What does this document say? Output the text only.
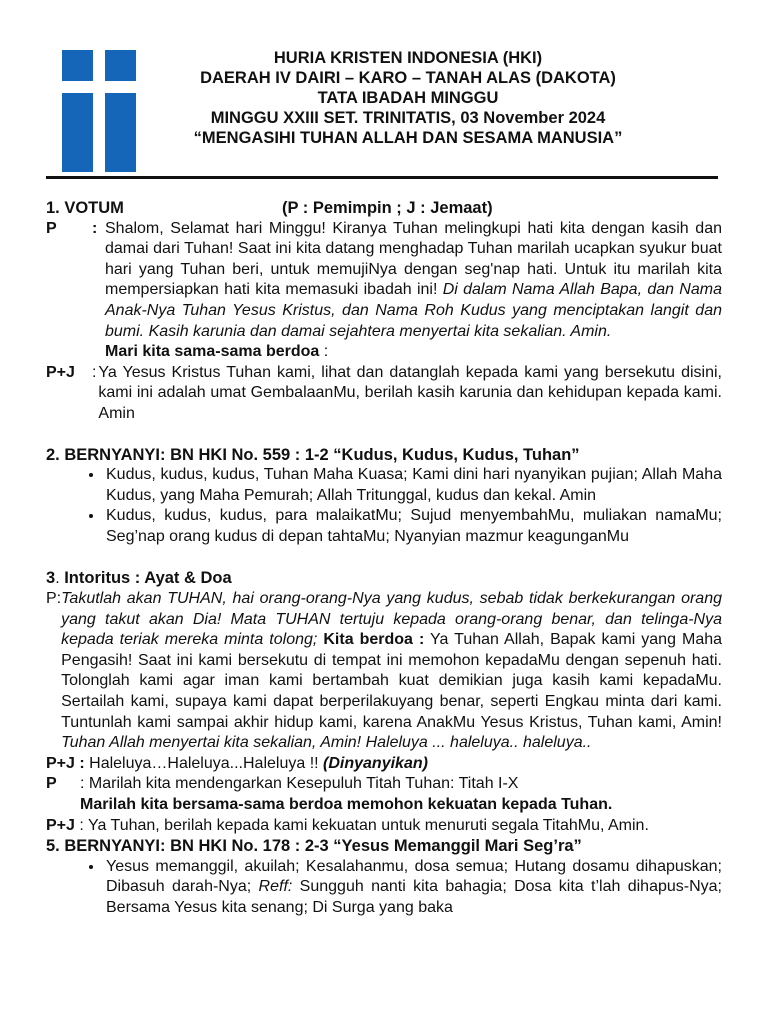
HURIA KRISTEN INDONESIA (HKI)
DAERAH IV DAIRI – KARO – TANAH ALAS (DAKOTA)
TATA IBADAH MINGGU
MINGGU XXIII SET. TRINITATIS, 03 November 2024
“MENGASIHI TUHAN ALLAH DAN SESAMA MANUSIA”
1. VOTUM	(P : Pemimpin ; J : Jemaat)
P	: Shalom, Selamat hari Minggu! Kiranya Tuhan melingkupi hati kita dengan kasih dan damai dari Tuhan! Saat ini kita datang menghadap Tuhan marilah ucapkan syukur buat hari yang Tuhan beri, untuk memujiNya dengan seg'nap hati. Untuk itu marilah kita mempersiapkan hati kita memasuki ibadah ini! Di dalam Nama Allah Bapa, dan Nama Anak-Nya Tuhan Yesus Kristus, dan Nama Roh Kudus yang menciptakan langit dan bumi. Kasih karunia dan damai sejahtera menyertai kita sekalian. Amin.
Mari kita sama-sama berdoa :
P+J	: Ya Yesus Kristus Tuhan kami, lihat dan datanglah kepada kami yang bersekutu disini, kami ini adalah umat GembalaanMu, berilah kasih karunia dan kehidupan kepada kami. Amin
2. BERNYANYI: BN HKI No. 559 : 1-2 “Kudus, Kudus, Kudus, Tuhan”
• Kudus, kudus, kudus, Tuhan Maha Kuasa; Kami dini hari nyanyikan pujian; Allah Maha Kudus, yang Maha Pemurah; Allah Tritunggal, kudus dan kekal. Amin
• Kudus, kudus, kudus, para malaikatMu; Sujud menyembahMu, muliakan namaMu; Seg’nap orang kudus di depan tahtaMu; Nyanyian mazmur keagunganMu
3. Intoritus : Ayat & Doa
P : Takutlah akan TUHAN, hai orang-orang-Nya yang kudus, sebab tidak berkekurangan orang yang takut akan Dia! Mata TUHAN tertuju kepada orang-orang benar, dan telinga-Nya kepada teriak mereka minta tolong; Kita berdoa : Ya Tuhan Allah, Bapak kami yang Maha Pengasih! Saat ini kami bersekutu di tempat ini memohon kepadaMu dengan sepenuh hati. Tolonglah kami agar iman kami bertambah kuat demikian juga kasih kami kepadaMu. Sertailah kami, supaya kami dapat berperilakuyang benar, seperti Engkau minta dari kami. Tuntunlah kami sampai akhir hidup kami, karena AnakMu Yesus Kristus, Tuhan kami, Amin! Tuhan Allah menyertai kita sekalian, Amin! Haleluya ... haleluya.. haleluya..
P+J : Haleluya…Haleluya...Haleluya !! (Dinyanyikan)
P	: Marilah kita mendengarkan Kesepuluh Titah Tuhan: Titah I-X
Marilah kita bersama-sama berdoa memohon kekuatan kepada Tuhan.
P+J : Ya Tuhan, berilah kepada kami kekuatan untuk menuruti segala TitahMu, Amin.
5. BERNYANYI: BN HKI No. 178 : 2-3 “Yesus Memanggil Mari Seg’ra”
• Yesus memanggil, akuilah; Kesalahanmu, dosa semua; Hutang dosamu dihapuskan; Dibasuh darah-Nya; Reff: Sungguh nanti kita bahagia; Dosa kita t’lah dihapus-Nya; Bersama Yesus kita senang; Di Surga yang baka
